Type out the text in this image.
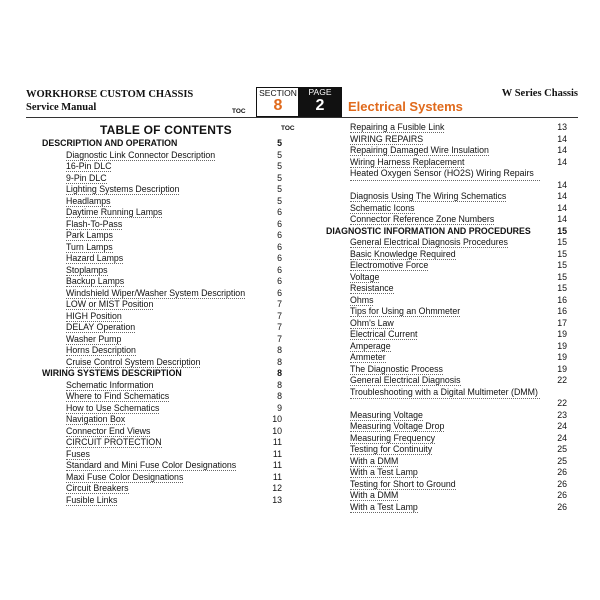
WORKHORSE CUSTOM CHASSIS
Service Manual
W Series Chassis
SECTION
8
PAGE
2	Electrical Systems
TOC
TOC
TABLE OF CONTENTS
DESCRIPTION AND OPERATION	5
Diagnostic Link Connector Description	5
16-Pin DLC	5
9-Pin DLC	5
Lighting Systems Description	5
Headlamps	5
Daytime Running Lamps	6
Flash-To-Pass	6
Park Lamps	6
Turn Lamps	6
Hazard Lamps	6
Stoplamps	6
Backup Lamps	6
Windshield Wiper/Washer System Description	6
LOW or MIST Position	7
HIGH Position	7
DELAY Operation	7
Washer Pump	7
Horns Description	8
Cruise Control System Description	8
WIRING SYSTEMS DESCRIPTION	8
Schematic Information	8
Where to Find Schematics	8
How to Use Schematics	9
Navigation Box	10
Connector End Views	10
CIRCUIT PROTECTION	11
Fuses	11
Standard and Mini Fuse Color Designations	11
Maxi Fuse Color Designations	11
Circuit Breakers	12
Fusible Links	13
Repairing a Fusible Link	13
WIRING REPAIRS	14
Repairing Damaged Wire Insulation	14
Wiring Harness Replacement	14
Heated Oxygen Sensor (HO2S) Wiring Repairs
14
Diagnosis Using The Wiring Schematics	14
Schematic Icons	14
Connector Reference Zone Numbers	14
DIAGNOSTIC INFORMATION AND PROCEDURES	15
General Electrical Diagnosis Procedures	15
Basic Knowledge Required	15
Electromotive Force	15
Voltage	15
Resistance	15
Ohms	16
Tips for Using an Ohmmeter	16
Ohm's Law	17
Electrical Current	19
Amperage	19
Ammeter	19
The Diagnostic Process	19
General Electrical Diagnosis	22
Troubleshooting with a Digital Multimeter (DMM)
22
Measuring Voltage	23
Measuring Voltage Drop	24
Measuring Frequency	24
Testing for Continuity	25
With a DMM	25
With a Test Lamp	26
Testing for Short to Ground	26
With a DMM	26
With a Test Lamp	26
